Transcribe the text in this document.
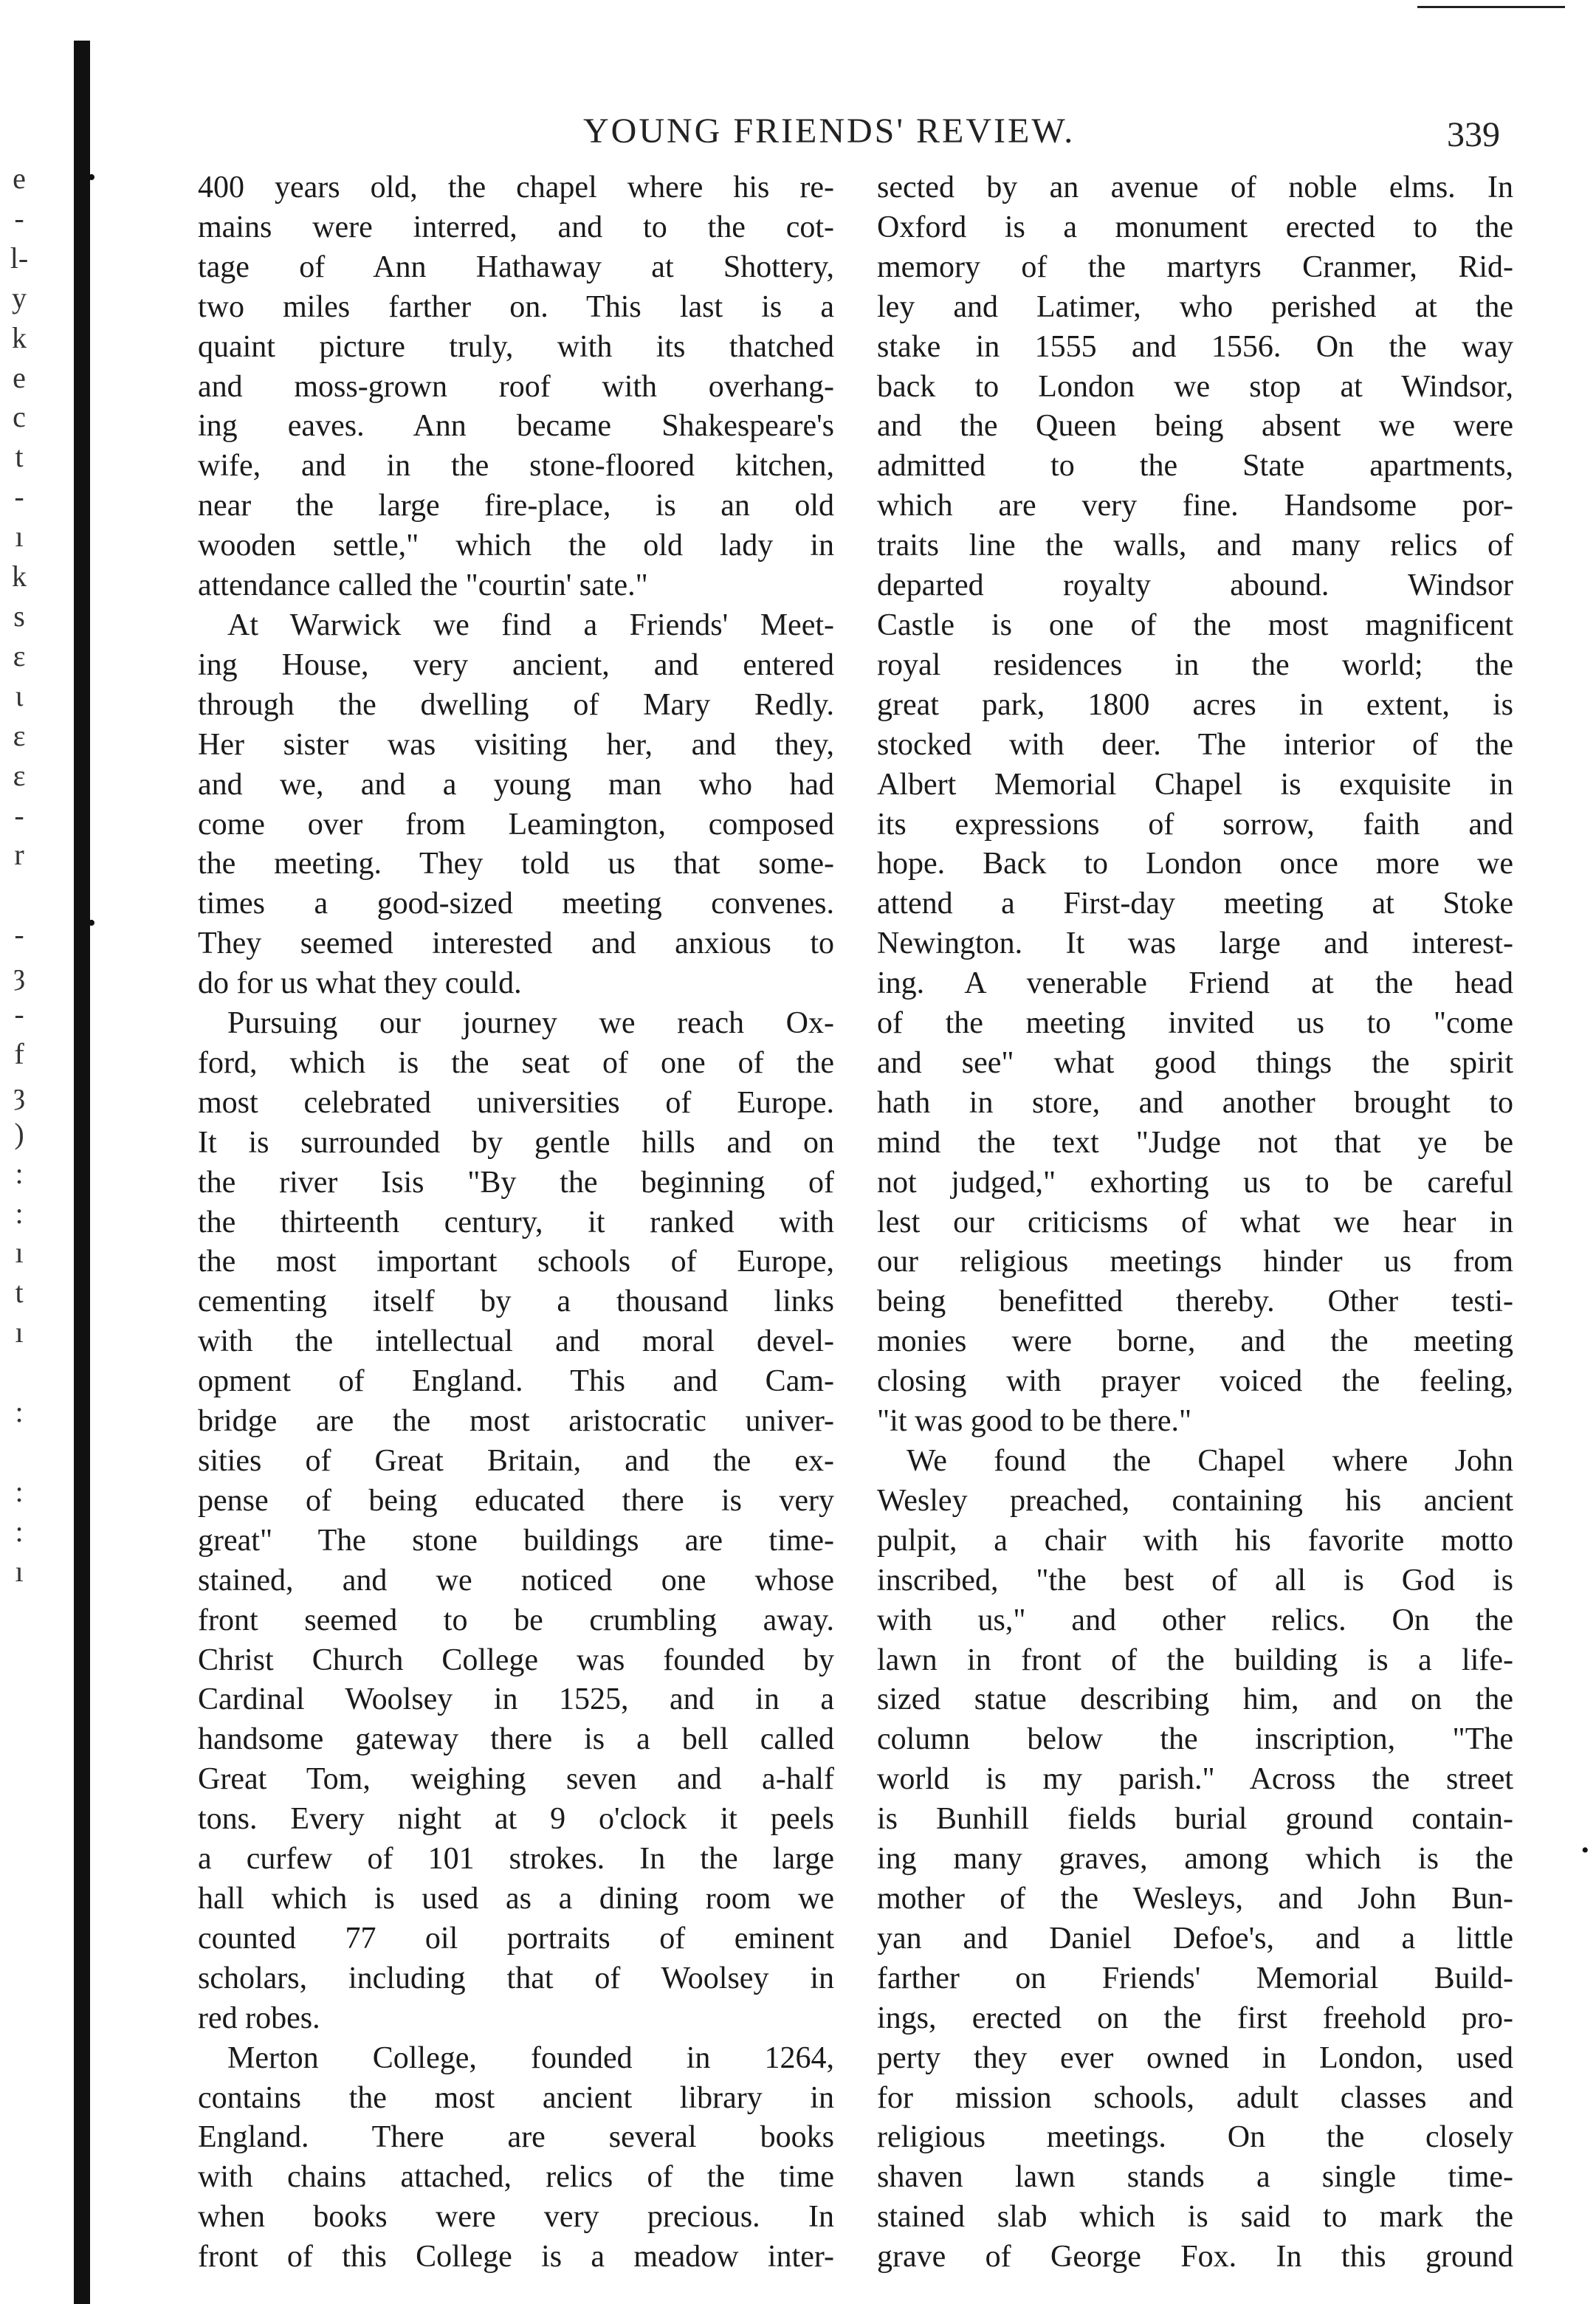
•
•
•
e
-
l-
y
k
e
c
t
-
ı
k
s
ε
ι
ε
ε
-
r

-
ȝ
-
f
ȝ
)
:
:
ı
t
ı

:

:
:
ı
YOUNG FRIENDS' REVIEW.	339
400 years old, the chapel where his re-
mains were interred, and to the cot-
tage of Ann Hathaway at Shottery,
two miles farther on. This last is a
quaint picture truly, with its thatched
and moss-grown roof with overhang-
ing eaves. Ann became Shakespeare's
wife, and in the stone-floored kitchen,
near the large fire-place, is an old
wooden settle," which the old lady in
attendance called the "courtin' sate."
At Warwick we find a Friends' Meet-
ing House, very ancient, and entered
through the dwelling of Mary Redly.
Her sister was visiting her, and they,
and we, and a young man who had
come over from Leamington, composed
the meeting. They told us that some-
times a good-sized meeting convenes.
They seemed interested and anxious to
do for us what they could.
Pursuing our journey we reach Ox-
ford, which is the seat of one of the
most celebrated universities of Europe.
It is surrounded by gentle hills and on
the river Isis "By the beginning of
the thirteenth century, it ranked with
the most important schools of Europe,
cementing itself by a thousand links
with the intellectual and moral devel-
opment of England. This and Cam-
bridge are the most aristocratic univer-
sities of Great Britain, and the ex-
pense of being educated there is very
great" The stone buildings are time-
stained, and we noticed one whose
front seemed to be crumbling away.
Christ Church College was founded by
Cardinal Woolsey in 1525, and in a
handsome gateway there is a bell called
Great Tom, weighing seven and a-half
tons. Every night at 9 o'clock it peels
a curfew of 101 strokes. In the large
hall which is used as a dining room we
counted 77 oil portraits of eminent
scholars, including that of Woolsey in
red robes.
Merton College, founded in 1264,
contains the most ancient library in
England. There are several books
with chains attached, relics of the time
when books were very precious. In
front of this College is a meadow inter-
sected by an avenue of noble elms. In
Oxford is a monument erected to the
memory of the martyrs Cranmer, Rid-
ley and Latimer, who perished at the
stake in 1555 and 1556. On the way
back to London we stop at Windsor,
and the Queen being absent we were
admitted to the State apartments,
which are very fine. Handsome por-
traits line the walls, and many relics of
departed royalty abound. Windsor
Castle is one of the most magnificent
royal residences in the world; the
great park, 1800 acres in extent, is
stocked with deer. The interior of the
Albert Memorial Chapel is exquisite in
its expressions of sorrow, faith and
hope. Back to London once more we
attend a First-day meeting at Stoke
Newington. It was large and interest-
ing. A venerable Friend at the head
of the meeting invited us to "come
and see" what good things the spirit
hath in store, and another brought to
mind the text "Judge not that ye be
not judged," exhorting us to be careful
lest our criticisms of what we hear in
our religious meetings hinder us from
being benefitted thereby. Other testi-
monies were borne, and the meeting
closing with prayer voiced the feeling,
"it was good to be there."
We found the Chapel where John
Wesley preached, containing his ancient
pulpit, a chair with his favorite motto
inscribed, "the best of all is God is
with us," and other relics. On the
lawn in front of the building is a life-
sized statue describing him, and on the
column below the inscription, "The
world is my parish." Across the street
is Bunhill fields burial ground contain-
ing many graves, among which is the
mother of the Wesleys, and John Bun-
yan and Daniel Defoe's, and a little
farther on Friends' Memorial Build-
ings, erected on the first freehold pro-
perty they ever owned in London, used
for mission schools, adult classes and
religious meetings. On the closely
shaven lawn stands a single time-
stained slab which is said to mark the
grave of George Fox. In this ground
